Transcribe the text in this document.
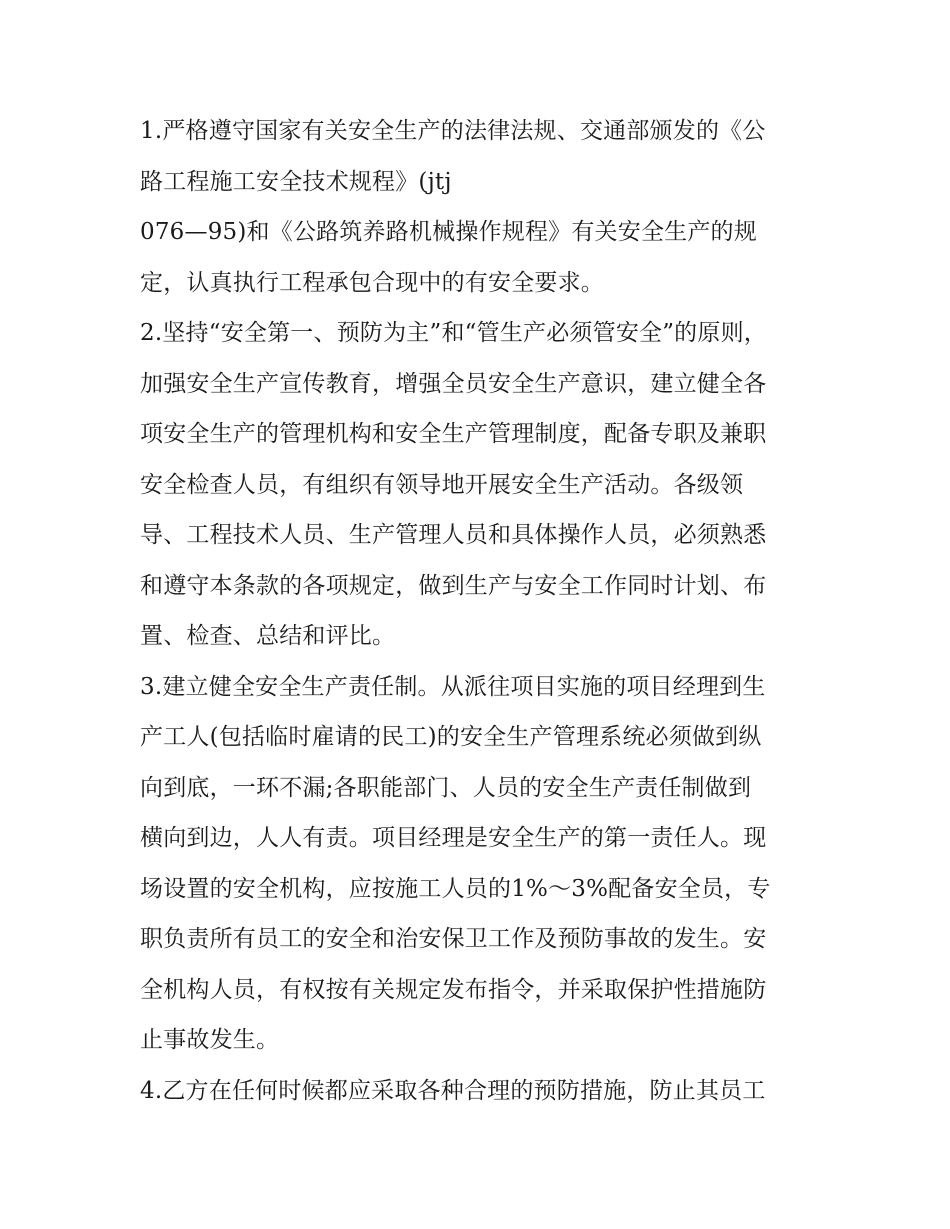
1.严格遵守国家有关安全生产的法律法规、交通部颁发的《公
路工程施工安全技术规程》(jtj
076—95)和《公路筑养路机械操作规程》有关安全生产的规
定，认真执行工程承包合现中的有安全要求。
2.坚持“安全第一、预防为主”和“管生产必须管安全”的原则，
加强安全生产宣传教育，增强全员安全生产意识，建立健全各
项安全生产的管理机构和安全生产管理制度，配备专职及兼职
安全检查人员，有组织有领导地开展安全生产活动。各级领
导、工程技术人员、生产管理人员和具体操作人员，必须熟悉
和遵守本条款的各项规定，做到生产与安全工作同时计划、布
置、检查、总结和评比。
3.建立健全安全生产责任制。从派往项目实施的项目经理到生
产工人(包括临时雇请的民工)的安全生产管理系统必须做到纵
向到底，一环不漏;各职能部门、人员的安全生产责任制做到
横向到边，人人有责。项目经理是安全生产的第一责任人。现
场设置的安全机构，应按施工人员的1%～3%配备安全员，专
职负责所有员工的安全和治安保卫工作及预防事故的发生。安
全机构人员，有权按有关规定发布指令，并采取保护性措施防
止事故发生。
4.乙方在任何时候都应采取各种合理的预防措施，防止其员工
